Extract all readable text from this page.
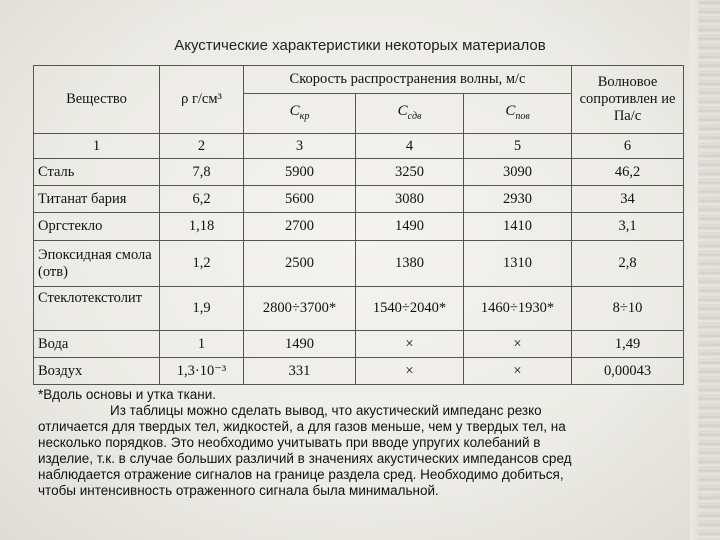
Акустические характеристики некоторых материалов
Вещество	ρ г/см³	Скорость распространения волны, м/с			Волновое сопротивлен ие Па/с
		$C_{кр}$	$C_{сдв}$	$C_{пов}$
1	2	3	4	5	6
Сталь	7,8	5900	3250	3090	46,2
Титанат бария	6,2	5600	3080	2930	34
Оргстекло	1,18	2700	1490	1410	3,1
Эпоксидная смола (отв)	1,2	2500	1380	1310	2,8
Стеклотекстолит	1,9	2800÷3700*	1540÷2040*	1460÷1930*	8÷10
Вода	1	1490	×	×	1,49
Воздух	1,3·10⁻³	331	×	×	0,00043

*Вдоль основы и утка ткани.

Из таблицы можно сделать вывод, что акустический импеданс резко

отличается для твердых тел, жидкостей, а для газов меньше, чем у твердых тел, на

несколько порядков. Это необходимо учитывать при вводе упругих колебаний в

изделие, т.к. в случае больших различий в значениях акустических импедансов сред

наблюдается отражение сигналов на границе раздела сред. Необходимо добиться,

чтобы интенсивность отраженного сигнала была минимальной.
